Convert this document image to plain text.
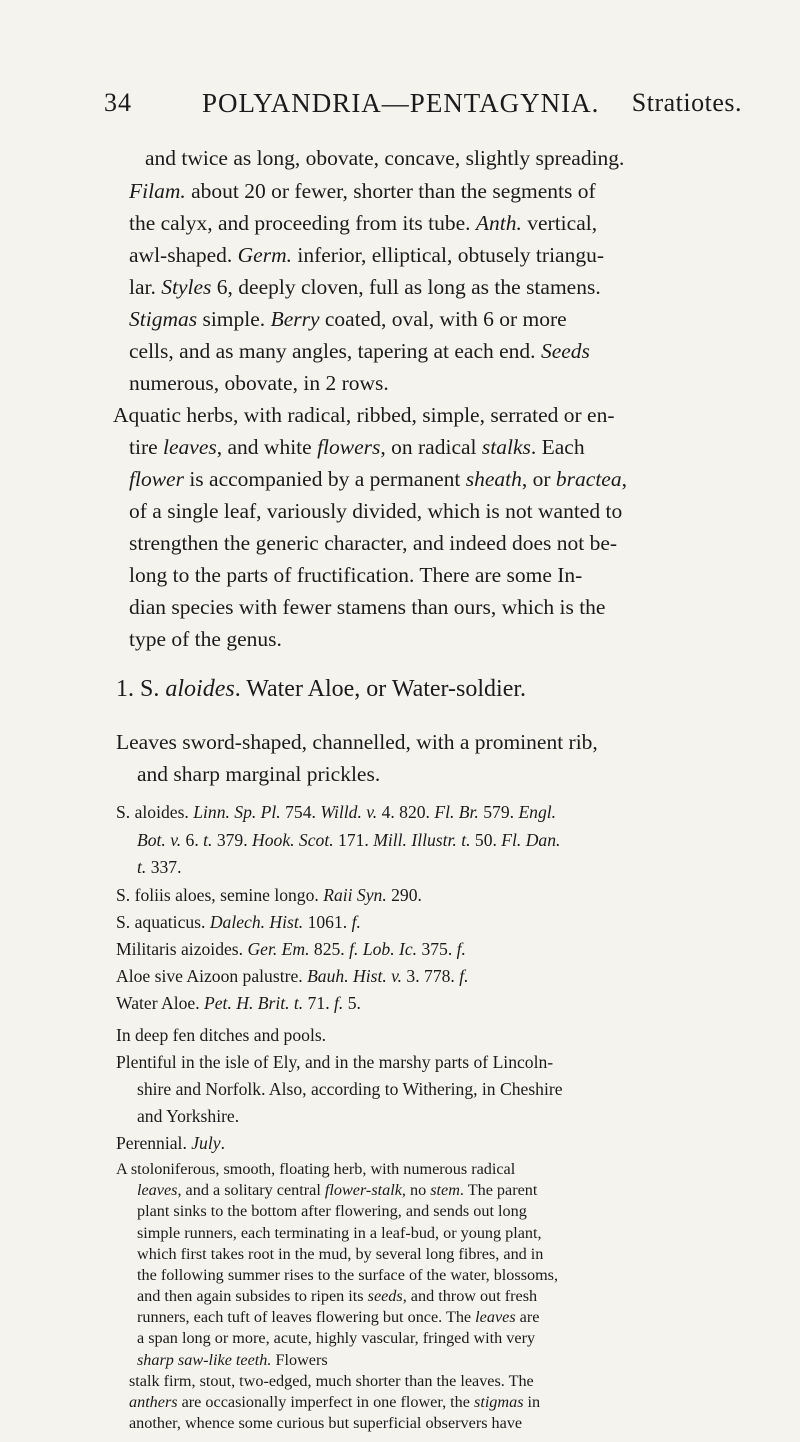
34	POLYANDRIA—PENTAGYNIA. Stratiotes.
and twice as long, obovate, concave, slightly spreading.
Filam. about 20 or fewer, shorter than the segments of
the calyx, and proceeding from its tube. Anth. vertical,
awl-shaped. Germ. inferior, elliptical, obtusely triangu-
lar. Styles 6, deeply cloven, full as long as the stamens.
Stigmas simple. Berry coated, oval, with 6 or more
cells, and as many angles, tapering at each end. Seeds
numerous, obovate, in 2 rows.
Aquatic herbs, with radical, ribbed, simple, serrated or en-
tire leaves, and white flowers, on radical stalks. Each
flower is accompanied by a permanent sheath, or bractea,
of a single leaf, variously divided, which is not wanted to
strengthen the generic character, and indeed does not be-
long to the parts of fructification. There are some In-
dian species with fewer stamens than ours, which is the
type of the genus.
1. S. aloides. Water Aloe, or Water-soldier.
Leaves sword-shaped, channelled, with a prominent rib,
and sharp marginal prickles.
S. aloides. Linn. Sp. Pl. 754. Willd. v. 4. 820. Fl. Br. 579. Engl.
Bot. v. 6. t. 379. Hook. Scot. 171. Mill. Illustr. t. 50. Fl. Dan.
t. 337.
S. foliis aloes, semine longo. Raii Syn. 290.
S. aquaticus. Dalech. Hist. 1061. f.
Militaris aizoides. Ger. Em. 825. f. Lob. Ic. 375. f.
Aloe sive Aizoon palustre. Bauh. Hist. v. 3. 778. f.
Water Aloe. Pet. H. Brit. t. 71. f. 5.
In deep fen ditches and pools.
Plentiful in the isle of Ely, and in the marshy parts of Lincoln-
shire and Norfolk. Also, according to Withering, in Cheshire
and Yorkshire.
Perennial. July.
A stoloniferous, smooth, floating herb, with numerous radical
leaves, and a solitary central flower-stalk, no stem. The parent
plant sinks to the bottom after flowering, and sends out long
simple runners, each terminating in a leaf-bud, or young plant,
which first takes root in the mud, by several long fibres, and in
the following summer rises to the surface of the water, blossoms,
and then again subsides to ripen its seeds, and throw out fresh
runners, each tuft of leaves flowering but once. The leaves are
a span long or more, acute, highly vascular, fringed with very
sharp saw-like teeth. Flowers
stalk firm, stout, two-edged, much shorter than the leaves. The
anthers are occasionally imperfect in one flower, the stigmas in
another, whence some curious but superficial observers have
